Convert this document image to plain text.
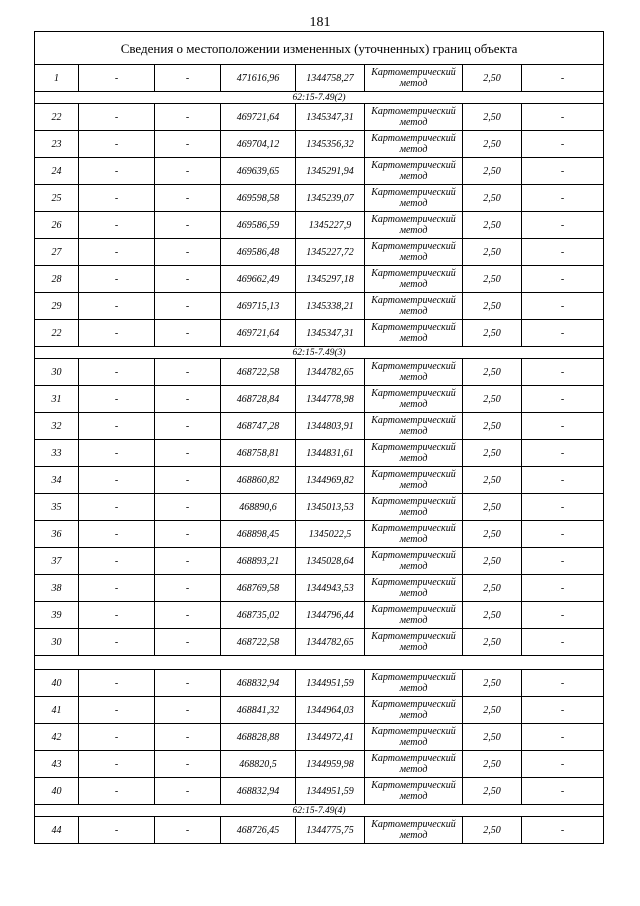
181
Сведения о местоположении измененных (уточненных) границ объекта							
1	-	-	471616,96	1344758,27	Картометрический метод	2,50	-
62:15-7.49(2)							
22	-	-	469721,64	1345347,31	Картометрический метод	2,50	-
23	-	-	469704,12	1345356,32	Картометрический метод	2,50	-
24	-	-	469639,65	1345291,94	Картометрический метод	2,50	-
25	-	-	469598,58	1345239,07	Картометрический метод	2,50	-
26	-	-	469586,59	1345227,9	Картометрический метод	2,50	-
27	-	-	469586,48	1345227,72	Картометрический метод	2,50	-
28	-	-	469662,49	1345297,18	Картометрический метод	2,50	-
29	-	-	469715,13	1345338,21	Картометрический метод	2,50	-
22	-	-	469721,64	1345347,31	Картометрический метод	2,50	-
62:15-7.49(3)							
30	-	-	468722,58	1344782,65	Картометрический метод	2,50	-
31	-	-	468728,84	1344778,98	Картометрический метод	2,50	-
32	-	-	468747,28	1344803,91	Картометрический метод	2,50	-
33	-	-	468758,81	1344831,61	Картометрический метод	2,50	-
34	-	-	468860,82	1344969,82	Картометрический метод	2,50	-
35	-	-	468890,6	1345013,53	Картометрический метод	2,50	-
36	-	-	468898,45	1345022,5	Картометрический метод	2,50	-
37	-	-	468893,21	1345028,64	Картометрический метод	2,50	-
38	-	-	468769,58	1344943,53	Картометрический метод	2,50	-
39	-	-	468735,02	1344796,44	Картометрический метод	2,50	-
30	-	-	468722,58	1344782,65	Картометрический метод	2,50	-

40	-	-	468832,94	1344951,59	Картометрический метод	2,50	-
41	-	-	468841,32	1344964,03	Картометрический метод	2,50	-
42	-	-	468828,88	1344972,41	Картометрический метод	2,50	-
43	-	-	468820,5	1344959,98	Картометрический метод	2,50	-
40	-	-	468832,94	1344951,59	Картометрический метод	2,50	-
62:15-7.49(4)							
44	-	-	468726,45	1344775,75	Картометрический метод	2,50	-
